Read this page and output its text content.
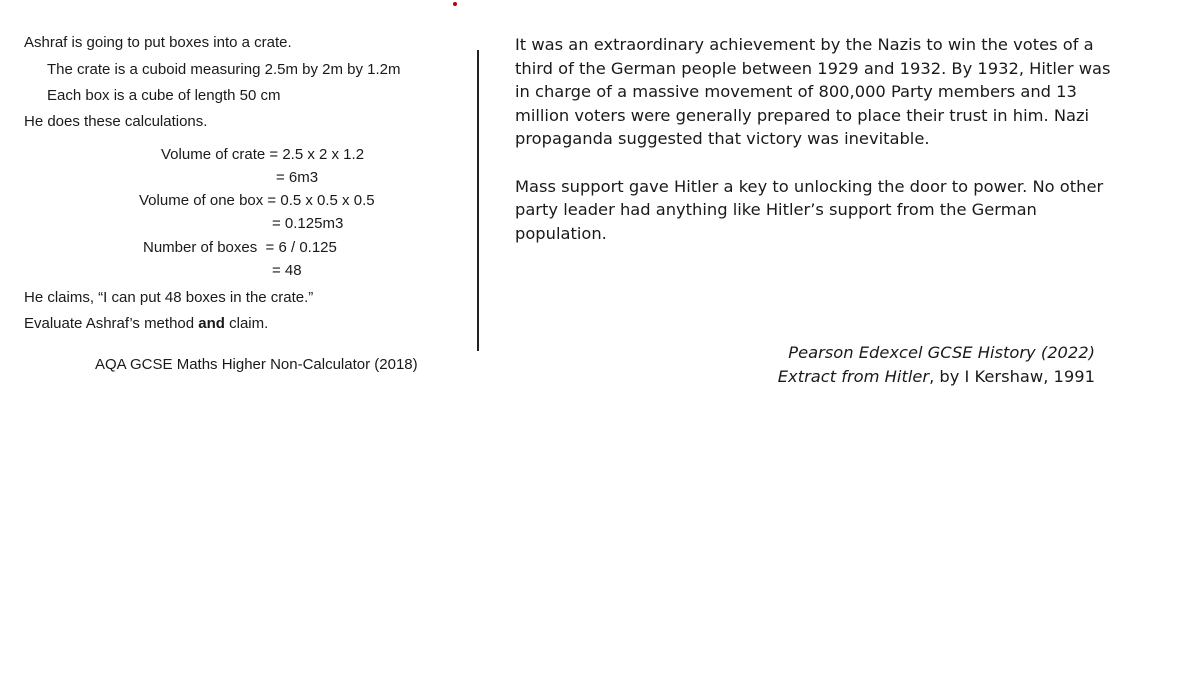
Ashraf is going to put boxes into a crate.
The crate is a cuboid measuring 2.5m by 2m by 1.2m
Each box is a cube of length 50 cm
He does these calculations.
Volume of crate = 2.5 x 2 x 1.2
= 6m3
Volume of one box = 0.5 x 0.5 x 0.5
= 0.125m3
Number of boxes  = 6 / 0.125
= 48
He claims, “I can put 48 boxes in the crate.”
Evaluate Ashraf’s method and claim.
AQA GCSE Maths Higher Non-Calculator (2018)

It was an extraordinary achievement by the Nazis to win the votes of a third of the German people between 1929 and 1932. By 1932, Hitler was in charge of a massive movement of 800,000 Party members and 13 million voters were generally prepared to place their trust in him. Nazi propaganda suggested that victory was inevitable.

Mass support gave Hitler a key to unlocking the door to power. No other party leader had anything like Hitler’s support from the German population.

Pearson Edexcel GCSE History (2022)
Extract from Hitler, by I Kershaw, 1991
